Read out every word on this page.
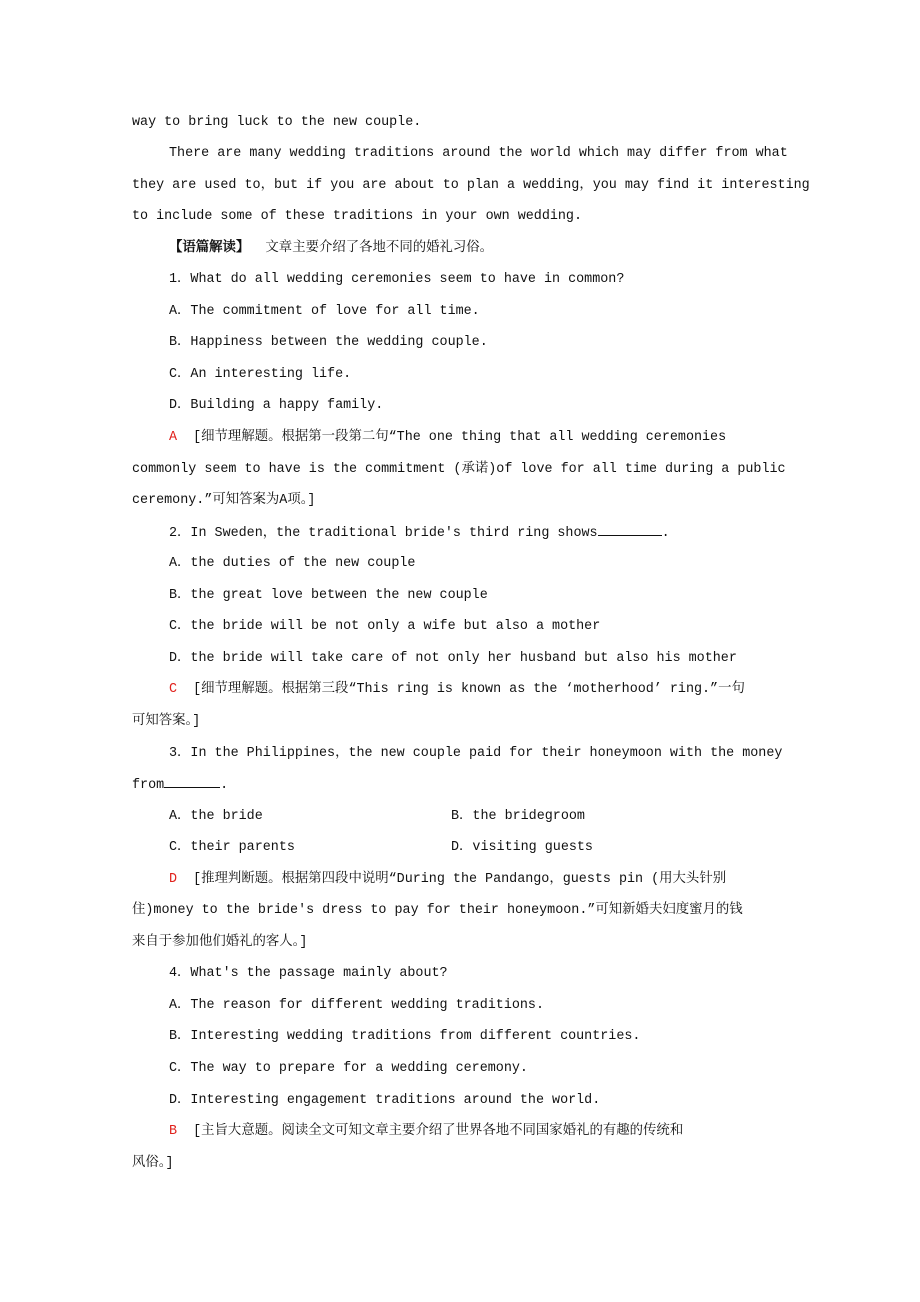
way to bring luck to the new couple.
There are many wedding traditions around the world which may differ from what
they are used to，but if you are about to plan a wedding，you may find it interesting
to include some of these traditions in your own wedding.
【语篇解读】  文章主要介绍了各地不同的婚礼习俗。
1．What do all wedding ceremonies seem to have in common?
A．The commitment of love for all time.
B．Happiness between the wedding couple.
C．An interesting life.
D．Building a happy family.
A  [细节理解题。根据第一段第二句“The one thing that all wedding ceremonies
commonly seem to have is the commitment (承诺)of love for all time during a public
ceremony.”可知答案为A项。]
2．In Sweden，the traditional bride's third ring shows	.
A．the duties of the new couple
B．the great love between the new couple
C．the bride will be not only a wife but also a mother
D．the bride will take care of not only her husband but also his mother
C  [细节理解题。根据第三段“This ring is known as the ‘motherhood’ ring.”一句
可知答案。]
3．In the Philippines，the new couple paid for their honeymoon with the money
from	.
A．the bride	B．the bridegroom
C．their parents	D．visiting guests
D  [推理判断题。根据第四段中说明“During the Pandango，guests pin (用大头针别
住)money to the bride's dress to pay for their honeymoon.”可知新婚夫妇度蜜月的钱
来自于参加他们婚礼的客人。]
4．What's the passage mainly about?
A．The reason for different wedding traditions.
B．Interesting wedding traditions from different countries.
C．The way to prepare for a wedding ceremony.
D．Interesting engagement traditions around the world.
B  [主旨大意题。阅读全文可知文章主要介绍了世界各地不同国家婚礼的有趣的传统和
风俗。]
